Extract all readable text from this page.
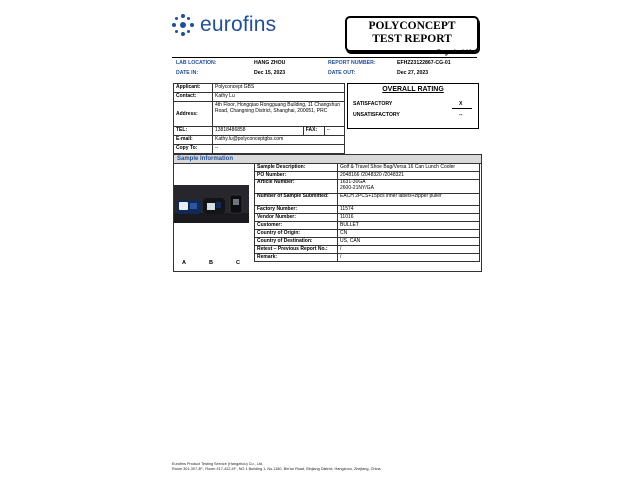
eurofins	POLYCONCEPT
TEST REPORT
Page 1 of 10
LAB LOCATION:	HANG ZHOU	REPORT NUMBER:	EFHZ23122867-CG-01
DATE IN:	Dec 15, 2023	DATE OUT:	Dec 27, 2023
Applicant:	Polyconcept GBS		
Contact:	Kathy Lu		
Address:	4th Floor, Hongqiao Rongguang Building, 11 Changshun Road, Changning District, Shanghai, 200051, PRC		
TEL:	13818486858	FAX:	--
E-mail:	Kathy.lu@polyconceptgbs.com		
Copy To:	--		
OVERALL RATING
SATISFACTORY	X
UNSATISFACTORY	--
Sample Information
A	B	C
Sample Description:	Golf & Travel Shoe Bag/Versa 16 Can Lunch Cooler
PO Number:	2048166 /2048320 /2048321
Article Number:	1631-30GA
2600-21NY/GA
Number of Sample Submitted:	EACH 2PCS+15pcs inner labels+zipper puller
Factory Number:	11574
Vendor Number:	11016
Customer:	BULLET
Country of Origin:	CN
Country of Destination:	US, CAN
Retest – Previous Report No.:	/
Remark:	/
Eurofins Product Testing Service (Hangzhou) Co., Ltd.
Room 301-307,3F., Room 417-422,4F., NO.1 Building 1, No.1180, Bin'an Road, Binjiang District, Hangzhou, Zhejiang, China
